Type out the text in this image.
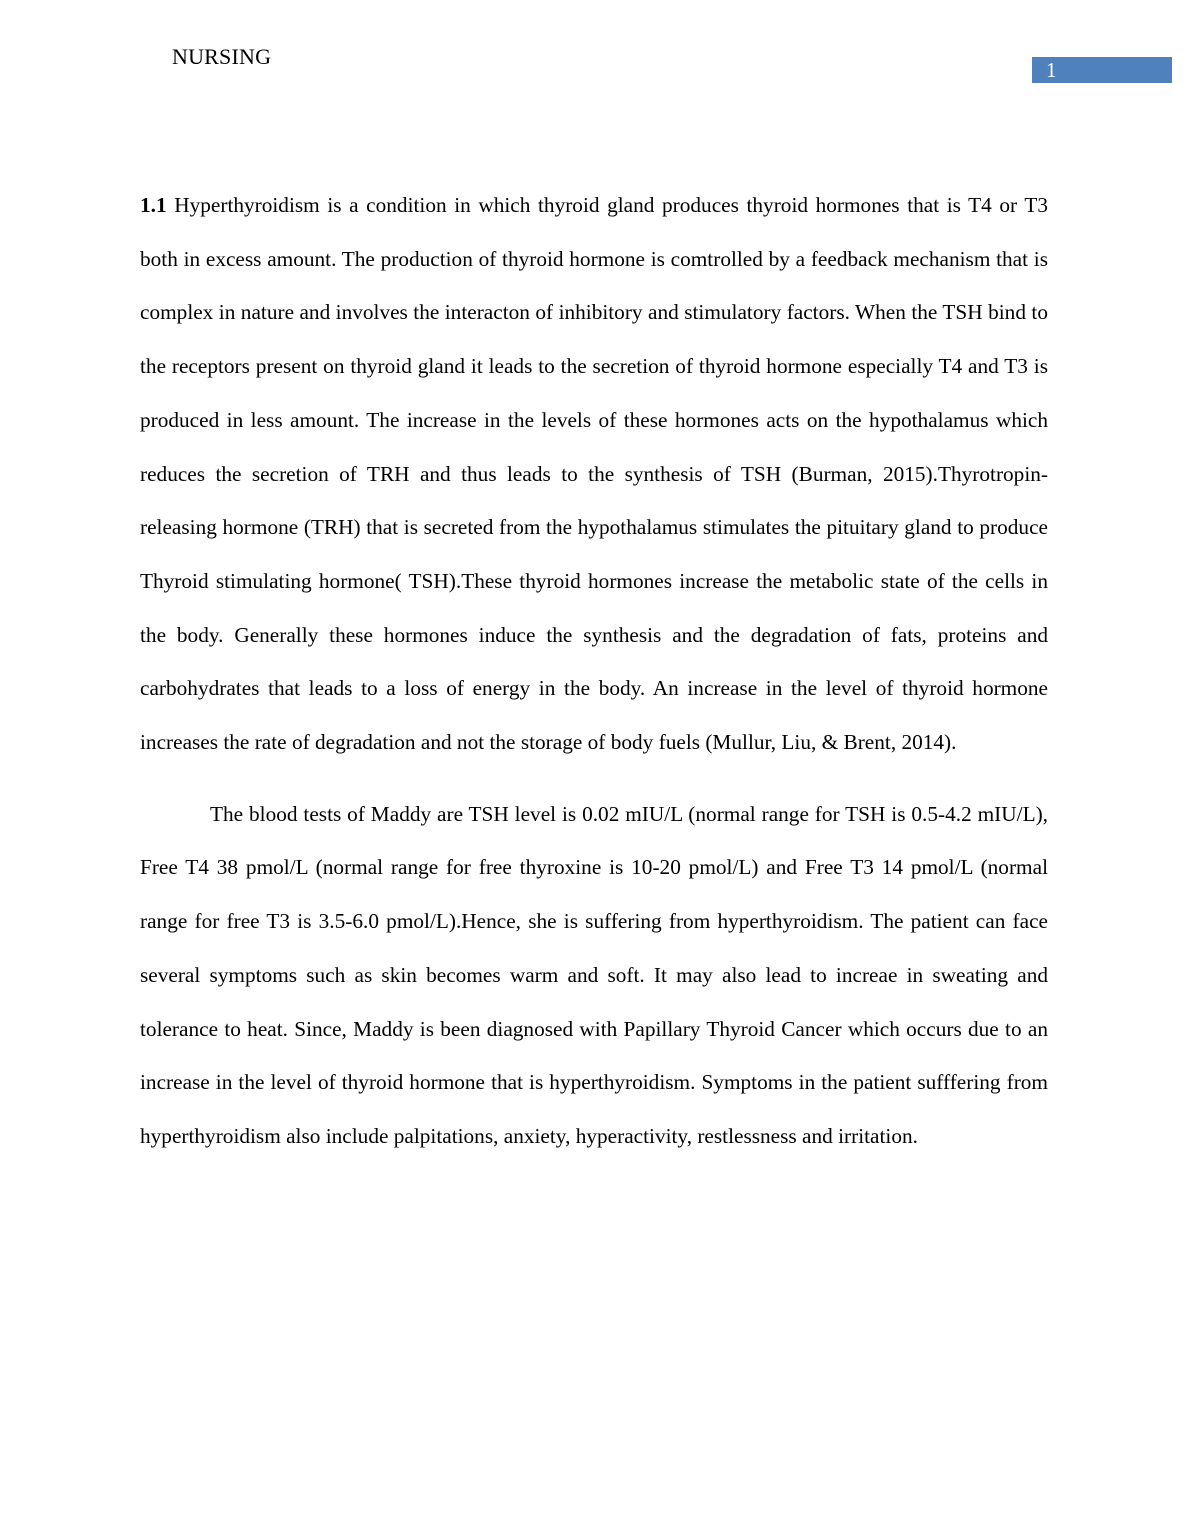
NURSING
1

1.1 Hyperthyroidism is a condition in which thyroid gland produces thyroid hormones that is T4 or T3 both in excess amount. The production of thyroid hormone is comtrolled by a feedback mechanism that is complex in nature and involves the interacton of inhibitory and stimulatory factors. When the TSH bind to the receptors present on thyroid gland it leads to the secretion of thyroid hormone especially T4 and T3 is produced in less amount. The increase in the levels of these hormones acts on the hypothalamus which reduces the secretion of TRH and thus leads to the synthesis of TSH (Burman, 2015).Thyrotropin-releasing hormone (TRH) that is secreted from the hypothalamus stimulates the pituitary gland to produce Thyroid stimulating hormone( TSH).These thyroid hormones increase the metabolic state of the cells in the body. Generally these hormones induce the synthesis and the degradation of fats, proteins and carbohydrates that leads to a loss of energy in the body. An increase in the level of thyroid hormone increases the rate of degradation and not the storage of body fuels (Mullur, Liu, & Brent, 2014).

The blood tests of Maddy are TSH level is 0.02 mIU/L (normal range for TSH is 0.5-4.2 mIU/L), Free T4 38 pmol/L (normal range for free thyroxine is 10-20 pmol/L) and Free T3 14 pmol/L (normal range for free T3 is 3.5-6.0 pmol/L).Hence, she is suffering from hyperthyroidism. The patient can face several symptoms such as skin becomes warm and soft. It may also lead to increae in sweating and tolerance to heat. Since, Maddy is been diagnosed with Papillary Thyroid Cancer which occurs due to an increase in the level of thyroid hormone that is hyperthyroidism. Symptoms in the patient sufffering from hyperthyroidism also include palpitations, anxiety, hyperactivity, restlessness and irritation.
